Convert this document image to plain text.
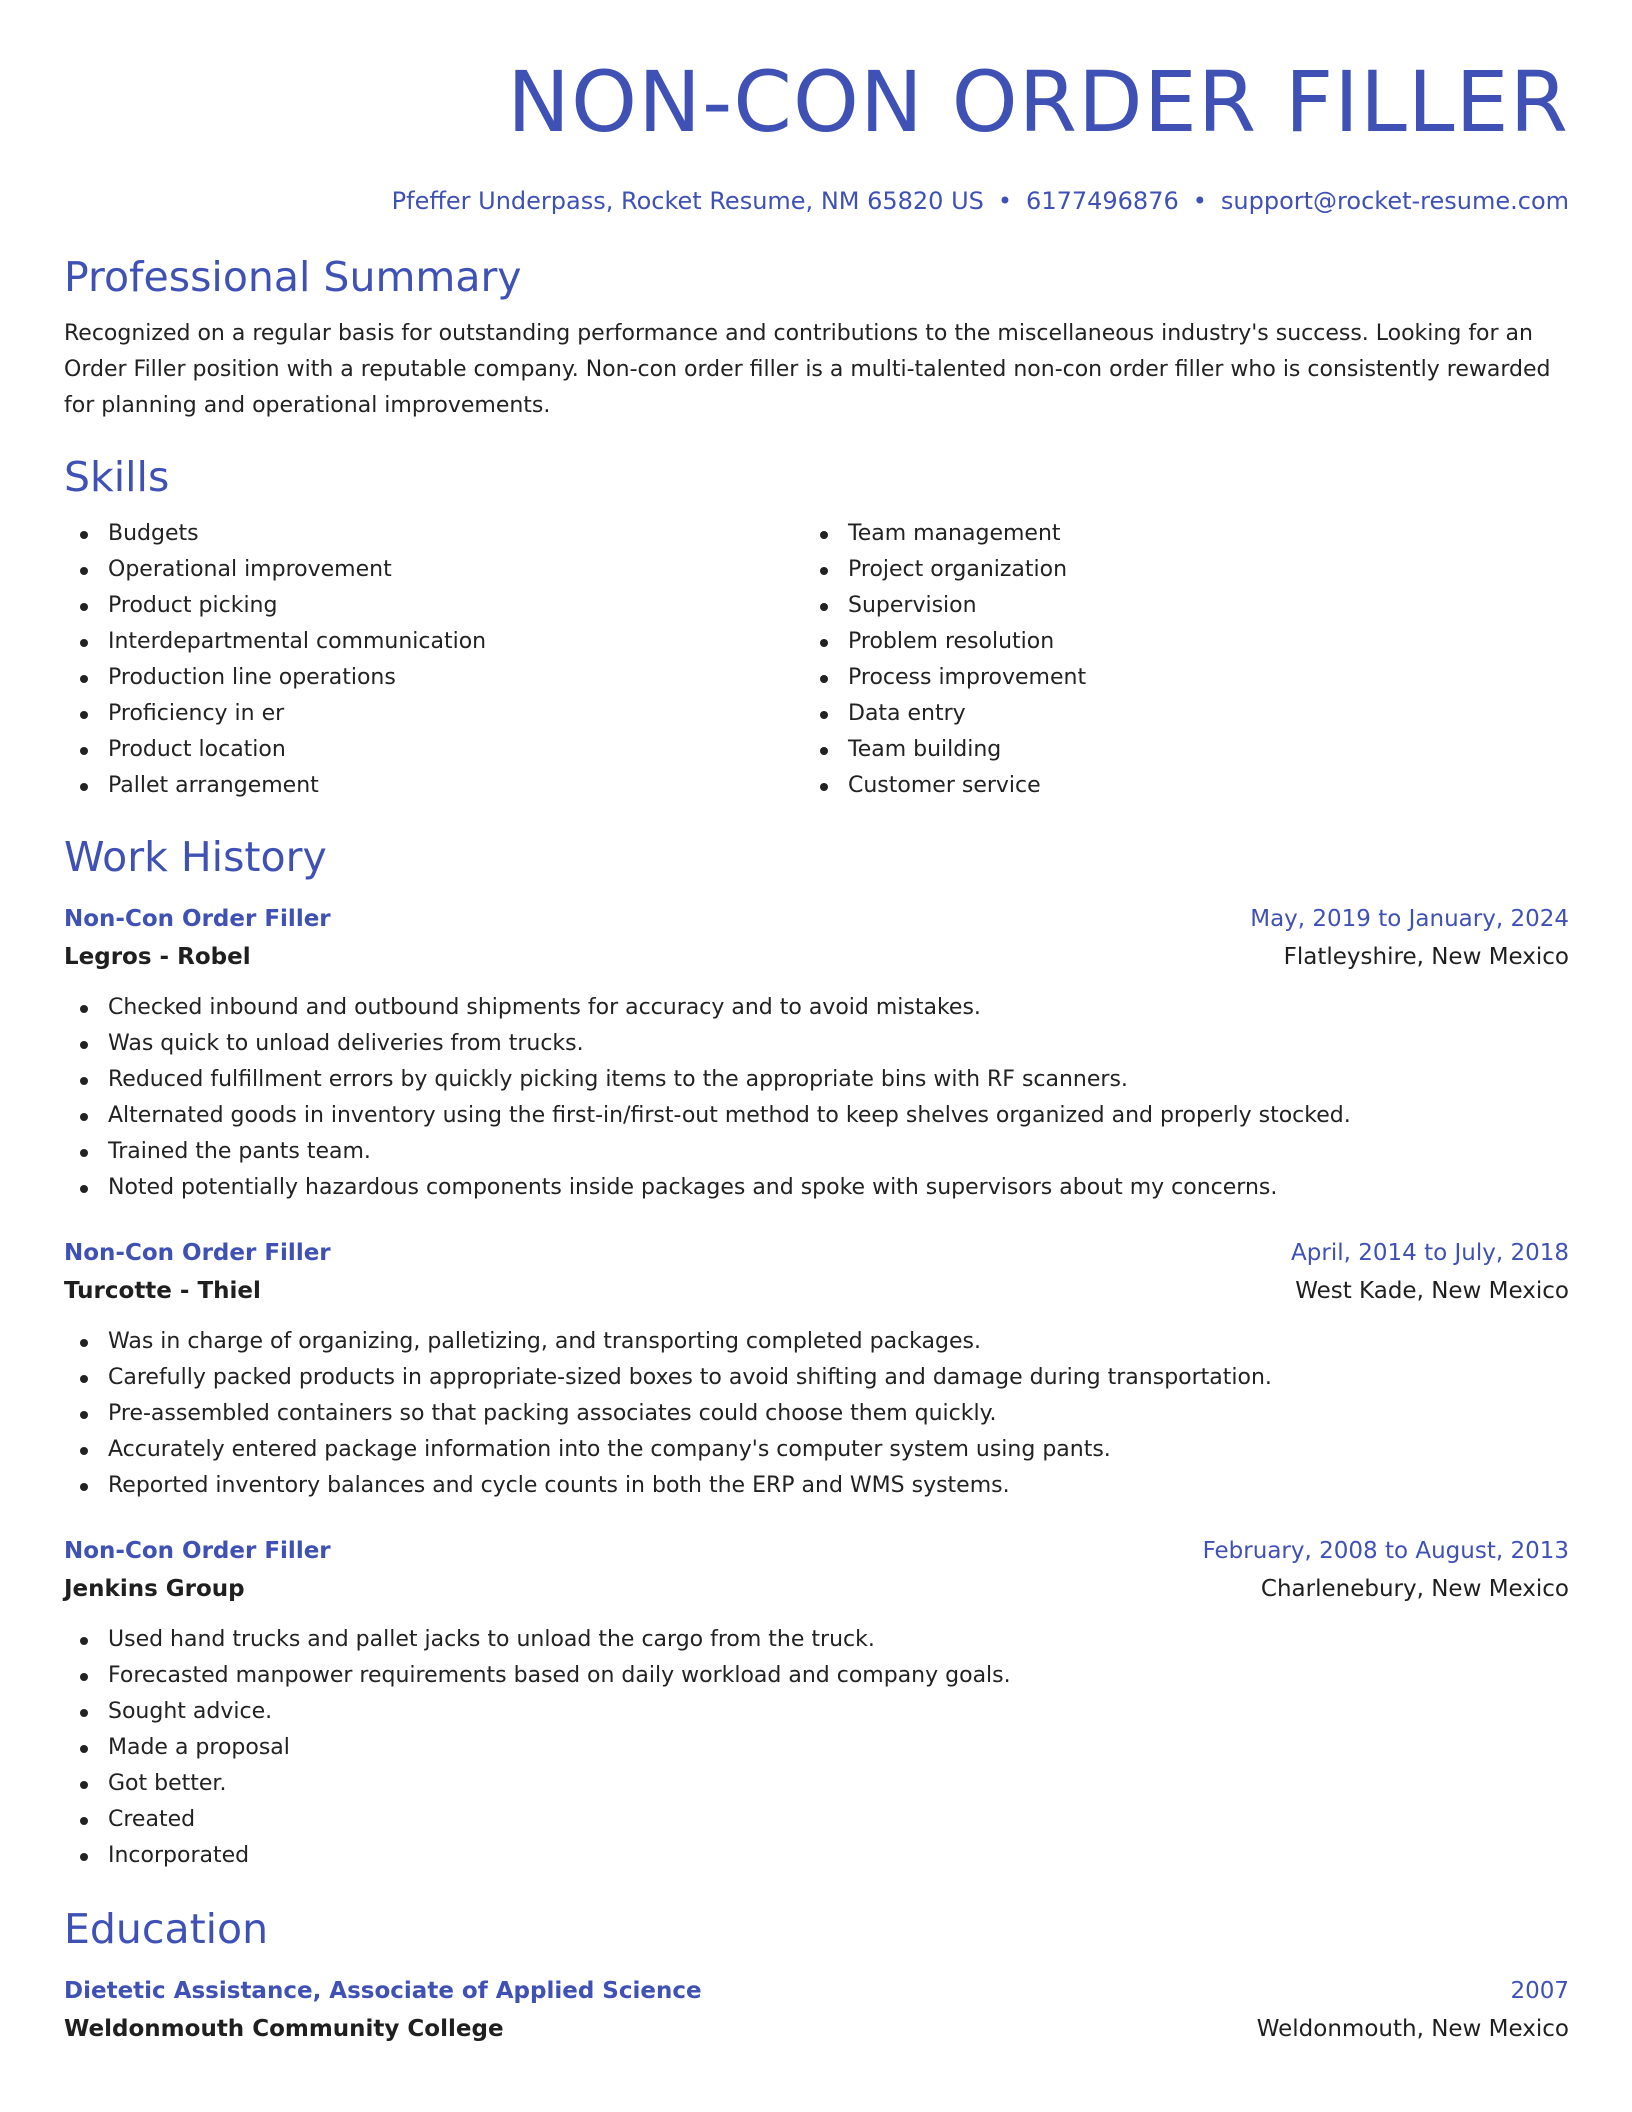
NON-CON ORDER FILLER
Pfeffer Underpass, Rocket Resume, NM 65820 US • 6177496876 • support@rocket-resume.com
Professional Summary

Recognized on a regular basis for outstanding performance and contributions to the miscellaneous industry's success. Looking for an Order Filler position with a reputable company. Non-con order filler is a multi-talented non-con order filler who is consistently rewarded for planning and operational improvements.

Skills
Budgets
Operational improvement
Product picking
Interdepartmental communication
Production line operations
Proficiency in er
Product location
Pallet arrangement
Team management
Project organization
Supervision
Problem resolution
Process improvement
Data entry
Team building
Customer service
Work History
Non-Con Order Filler	May, 2019 to January, 2024
Legros - Robel	Flatleyshire, New Mexico
Checked inbound and outbound shipments for accuracy and to avoid mistakes.
Was quick to unload deliveries from trucks.
Reduced fulfillment errors by quickly picking items to the appropriate bins with RF scanners.
Alternated goods in inventory using the first-in/first-out method to keep shelves organized and properly stocked.
Trained the pants team.
Noted potentially hazardous components inside packages and spoke with supervisors about my concerns.
Non-Con Order Filler	April, 2014 to July, 2018
Turcotte - Thiel	West Kade, New Mexico
Was in charge of organizing, palletizing, and transporting completed packages.
Carefully packed products in appropriate-sized boxes to avoid shifting and damage during transportation.
Pre-assembled containers so that packing associates could choose them quickly.
Accurately entered package information into the company's computer system using pants.
Reported inventory balances and cycle counts in both the ERP and WMS systems.
Non-Con Order Filler	February, 2008 to August, 2013
Jenkins Group	Charlenebury, New Mexico
Used hand trucks and pallet jacks to unload the cargo from the truck.
Forecasted manpower requirements based on daily workload and company goals.
Sought advice.
Made a proposal
Got better.
Created
Incorporated
Education
Dietetic Assistance, Associate of Applied Science	2007
Weldonmouth Community College	Weldonmouth, New Mexico
